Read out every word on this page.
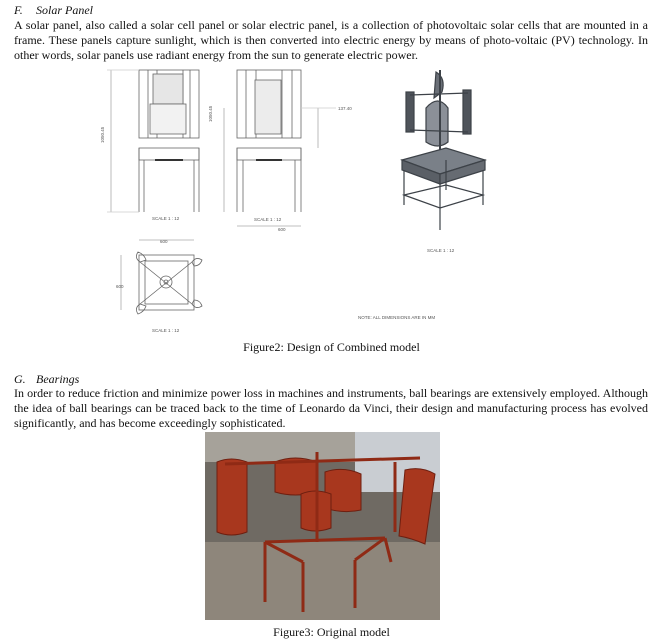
F. Solar Panel
A solar panel, also called a solar cell panel or solar electric panel, is a collection of photovoltaic solar cells that are mounted in a frame. These panels capture sunlight, which is then converted into electric energy by means of photo-voltaic (PV) technology. In other words, solar panels use radiant energy from the sun to generate electric power.
1050.45
1050.45	137.40
600
600
600
SCALE 1 : 12	SCALE 1 : 12
SCALE 1 : 12
SCALE 1 : 12
NOTE: ALL DIMENSIONS ARE IN MM
Figure2: Design of Combined model
G. Bearings
In order to reduce friction and minimize power loss in machines and instruments, ball bearings are extensively employed. Although the idea of ball bearings can be traced back to the time of Leonardo da Vinci, their design and manufacturing process has evolved significantly, and has become exceedingly sophisticated.
Figure3: Original model
